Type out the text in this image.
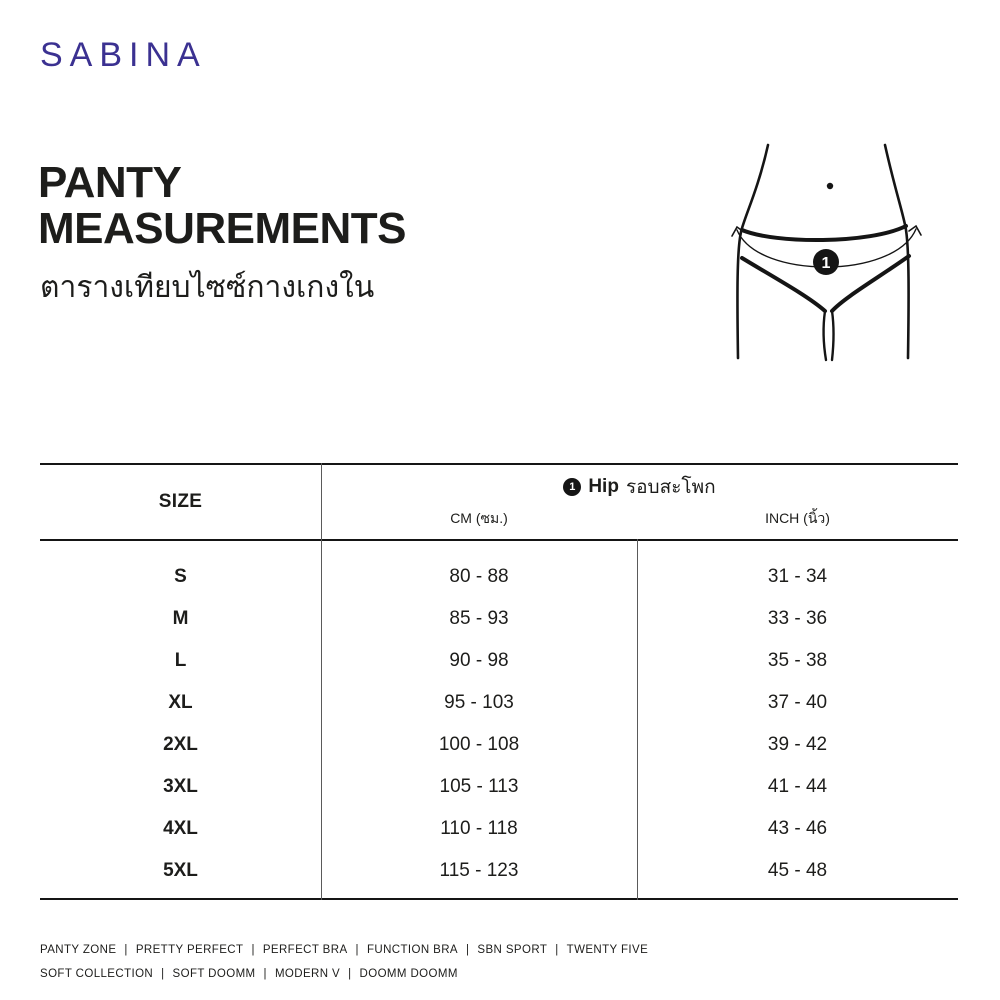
SABINA
PANTY
MEASUREMENTS
ตารางเทียบไซซ์กางเกงใน
1
SIZE
1 Hip รอบสะโพก
CM (ซม.)	INCH (นิ้ว)
S	80 - 88	31 - 34
M	85 - 93	33 - 36
L	90 - 98	35 - 38
XL	95 - 103	37 - 40
2XL	100 - 108	39 - 42
3XL	105 - 113	41 - 44
4XL	110 - 118	43 - 46
5XL	115 - 123	45 - 48
PANTY ZONE | PRETTY PERFECT | PERFECT BRA | FUNCTION BRA | SBN SPORT | TWENTY FIVE
SOFT COLLECTION | SOFT DOOMM | MODERN V | DOOMM DOOMM
